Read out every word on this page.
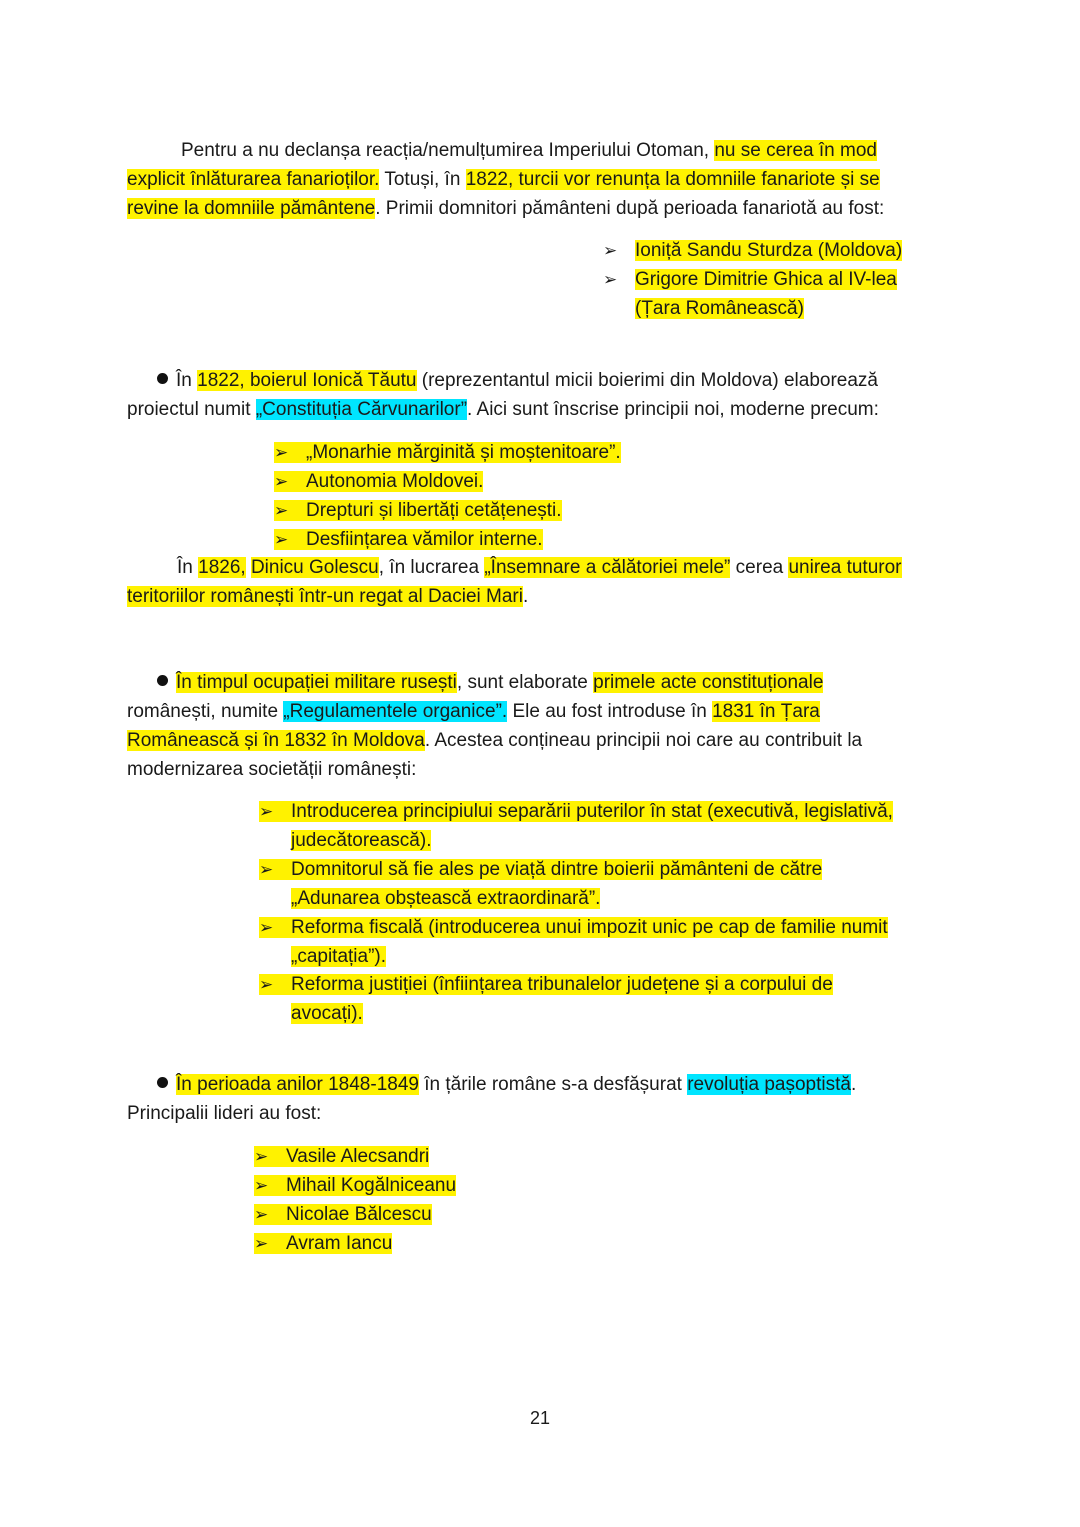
Pentru a nu declanșa reacția/nemulțumirea Imperiului Otoman, nu se cerea în mod
explicit înlăturarea fanarioților. Totuși, în 1822, turcii vor renunța la domniile fanariote și se
revine la domniile pământene. Primii domnitori pământeni după perioada fanariotă au fost:
➢ Ioniță Sandu Sturdza (Moldova)
➢ Grigore Dimitrie Ghica al IV-lea
(Țara Românească)
În 1822, boierul Ionică Tăutu (reprezentantul micii boierimi din Moldova) elaborează
proiectul numit „Constituția Cărvunarilor”. Aici sunt înscrise principii noi, moderne precum:
➢ „Monarhie mărginită și moștenitoare”.
➢ Autonomia Moldovei.
➢ Drepturi și libertăți cetățenești.
➢ Desființarea vămilor interne.
În 1826, Dinicu Golescu, în lucrarea „Însemnare a călătoriei mele” cerea unirea tuturor
teritoriilor românești într-un regat al Daciei Mari.
În timpul ocupației militare rusești, sunt elaborate primele acte constituționale
românești, numite „Regulamentele organice”. Ele au fost introduse în 1831 în Țara
Românească și în 1832 în Moldova. Acestea conțineau principii noi care au contribuit la
modernizarea societății românești:
➢ Introducerea principiului separării puterilor în stat (executivă, legislativă,
judecătorească).
➢ Domnitorul să fie ales pe viață dintre boierii pământeni de către
„Adunarea obștească extraordinară”.
➢ Reforma fiscală (introducerea unui impozit unic pe cap de familie numit
„capitația”).
➢ Reforma justiției (înființarea tribunalelor județene și a corpului de
avocați).
În perioada anilor 1848-1849 în țările române s-a desfășurat revoluția pașoptistă.
Principalii lideri au fost:
➢ Vasile Alecsandri
➢ Mihail Kogălniceanu
➢ Nicolae Bălcescu
➢ Avram Iancu
21
